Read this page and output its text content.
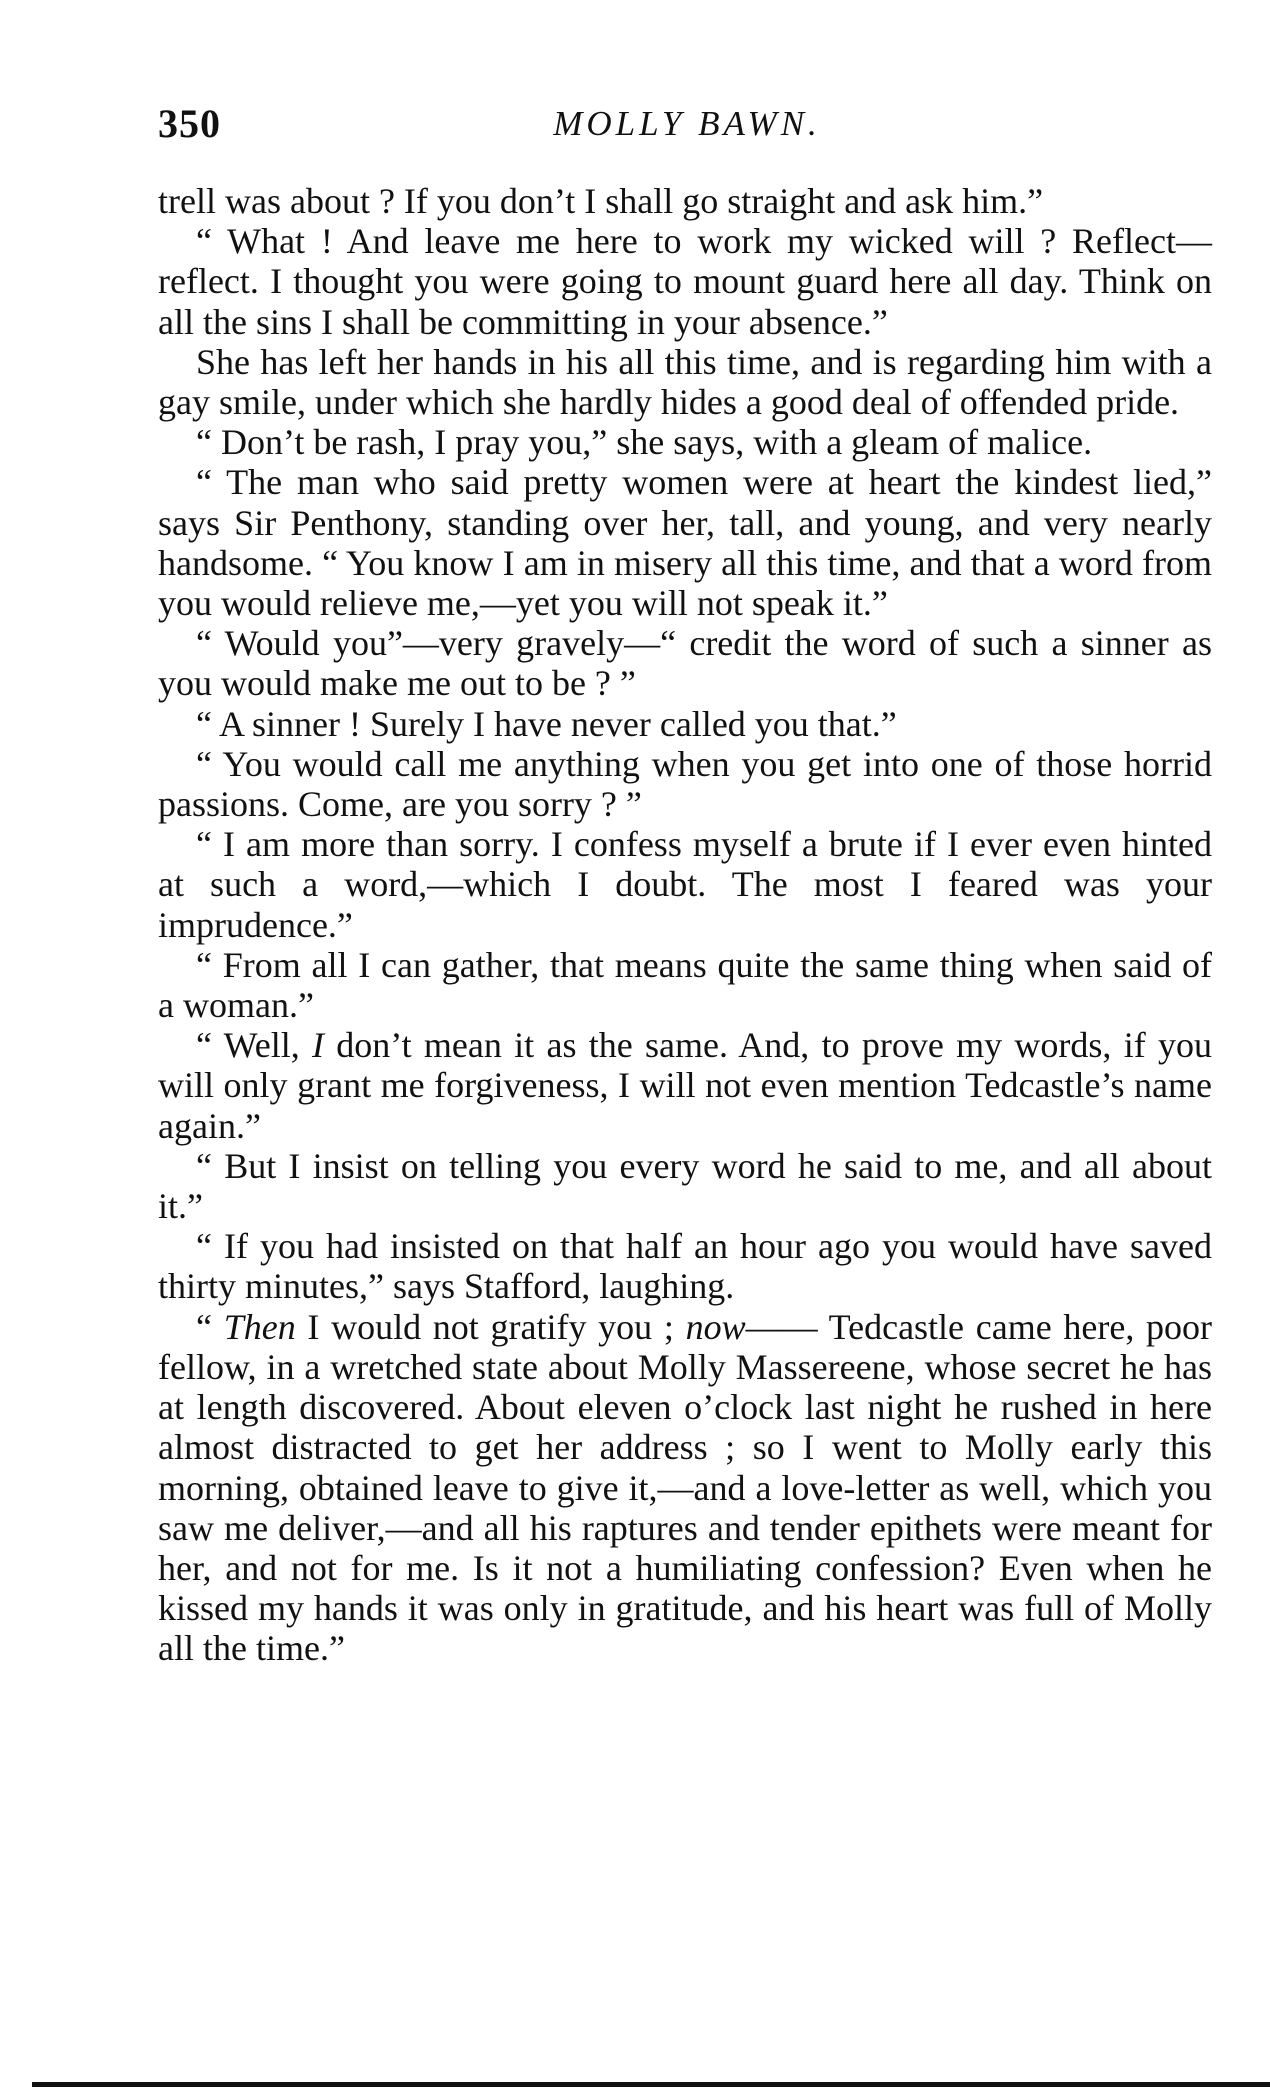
350	MOLLY BAWN.

trell was about ? If you don’t I shall go straight and ask him.”

“ What ! And leave me here to work my wicked will ? Reflect—reflect. I thought you were going to mount guard here all day. Think on all the sins I shall be committing in your absence.”

She has left her hands in his all this time, and is regarding him with a gay smile, under which she hardly hides a good deal of offended pride.

“ Don’t be rash, I pray you,” she says, with a gleam of malice.

“ The man who said pretty women were at heart the kindest lied,” says Sir Penthony, standing over her, tall, and young, and very nearly handsome. “ You know I am in misery all this time, and that a word from you would relieve me,—yet you will not speak it.”

“ Would you”—very gravely—“ credit the word of such a sinner as you would make me out to be ? ”

“ A sinner ! Surely I have never called you that.”

“ You would call me anything when you get into one of those horrid passions. Come, are you sorry ? ”

“ I am more than sorry. I confess myself a brute if I ever even hinted at such a word,—which I doubt. The most I feared was your imprudence.”

“ From all I can gather, that means quite the same thing when said of a woman.”

“ Well, I don’t mean it as the same. And, to prove my words, if you will only grant me forgiveness, I will not even mention Tedcastle’s name again.”

“ But I insist on telling you every word he said to me, and all about it.”

“ If you had insisted on that half an hour ago you would have saved thirty minutes,” says Stafford, laughing.

“ Then I would not gratify you ; now—— Tedcastle came here, poor fellow, in a wretched state about Molly Massereene, whose secret he has at length discovered. About eleven o’clock last night he rushed in here almost distracted to get her address ; so I went to Molly early this morning, obtained leave to give it,—and a love-letter as well, which you saw me deliver,—and all his raptures and tender epithets were meant for her, and not for me. Is it not a humiliating confession? Even when he kissed my hands it was only in gratitude, and his heart was full of Molly all the time.”
